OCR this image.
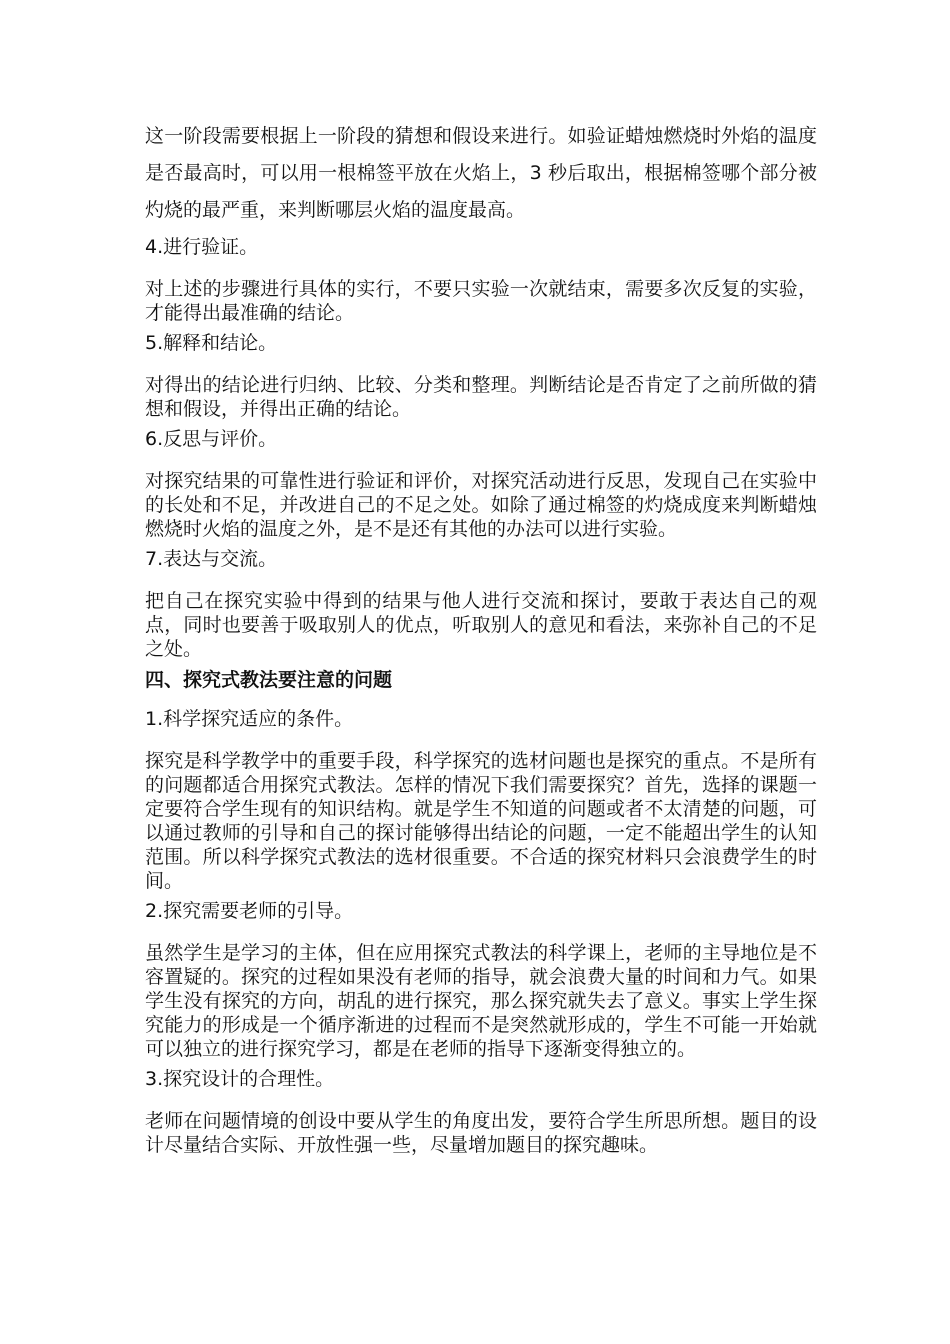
这一阶段需要根据上一阶段的猜想和假设来进行。如验证蜡烛燃烧时外焰的温度是否最高时，可以用一根棉签平放在火焰上，3 秒后取出，根据棉签哪个部分被灼烧的最严重，来判断哪层火焰的温度最高。

4.进行验证。

对上述的步骤进行具体的实行，不要只实验一次就结束，需要多次反复的实验，才能得出最准确的结论。

5.解释和结论。

对得出的结论进行归纳、比较、分类和整理。判断结论是否肯定了之前所做的猜想和假设，并得出正确的结论。

6.反思与评价。

对探究结果的可靠性进行验证和评价，对探究活动进行反思，发现自己在实验中的长处和不足，并改进自己的不足之处。如除了通过棉签的灼烧成度来判断蜡烛燃烧时火焰的温度之外，是不是还有其他的办法可以进行实验。

7.表达与交流。

把自己在探究实验中得到的结果与他人进行交流和探讨，要敢于表达自己的观点，同时也要善于吸取别人的优点，听取别人的意见和看法，来弥补自己的不足之处。

四、探究式教法要注意的问题

1.科学探究适应的条件。

探究是科学教学中的重要手段，科学探究的选材问题也是探究的重点。不是所有的问题都适合用探究式教法。怎样的情况下我们需要探究？首先，选择的课题一定要符合学生现有的知识结构。就是学生不知道的问题或者不太清楚的问题，可以通过教师的引导和自己的探讨能够得出结论的问题，一定不能超出学生的认知范围。所以科学探究式教法的选材很重要。不合适的探究材料只会浪费学生的时间。

2.探究需要老师的引导。

虽然学生是学习的主体，但在应用探究式教法的科学课上，老师的主导地位是不容置疑的。探究的过程如果没有老师的指导，就会浪费大量的时间和力气。如果学生没有探究的方向，胡乱的进行探究，那么探究就失去了意义。事实上学生探究能力的形成是一个循序渐进的过程而不是突然就形成的，学生不可能一开始就可以独立的进行探究学习，都是在老师的指导下逐渐变得独立的。

3.探究设计的合理性。

老师在问题情境的创设中要从学生的角度出发，要符合学生所思所想。题目的设计尽量结合实际、开放性强一些，尽量增加题目的探究趣味。
